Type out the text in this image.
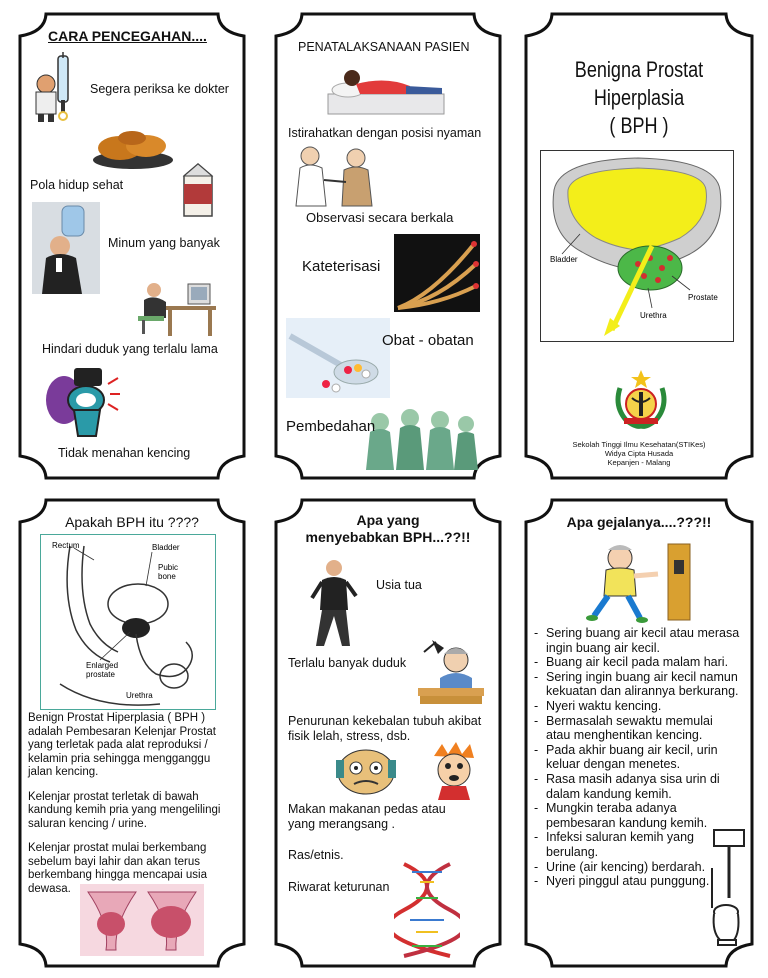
CARA PENCEGAHAN....
Segera periksa ke dokter
Pola hidup sehat
Minum yang banyak
Hindari duduk yang terlalu lama
Tidak menahan kencing
PENATALAKSANAAN PASIEN
Istirahatkan dengan posisi nyaman
Observasi secara berkala
Kateterisasi
Obat - obatan
Pembedahan
Benigna Prostat Hiperplasia
( BPH )
Bladder
Prostate
Urethra
Sekolah Tinggi Ilmu Kesehatan(STIKes)
Widya Cipta Husada
Kepanjen - Malang
Apakah BPH itu ????
Rectum	Bladder
Pubic
bone
Enlarged
prostate
Urethra

Benign Prostat Hiperplasia ( BPH ) adalah Pembesaran Kelenjar Prostat yang terletak pada alat reproduksi / kelamin pria sehingga mengganggu jalan kencing.

Kelenjar prostat terletak di bawah kandung kemih pria yang mengelilingi saluran kencing / urine.

Kelenjar prostat mulai berkembang sebelum bayi lahir dan akan terus berkembang hingga mencapai usia dewasa.

Apa yang
menyebabkan BPH...??!!
Usia tua
Terlalu banyak duduk
Penurunan kekebalan tubuh akibat fisik lelah, stress, dsb.
Makan makanan pedas atau yang merangsang .
Ras/etnis.
Riwarat keturunan
Apa gejalanya....???!!
- Sering buang air kecil atau merasa ingin buang air kecil.
- Buang air kecil pada malam hari.
- Sering ingin buang air kecil namun kekuatan dan alirannya berkurang.
- Nyeri waktu kencing.
- Bermasalah sewaktu memulai atau menghentikan kencing.
- Pada akhir buang air kecil, urin keluar dengan menetes.
- Rasa masih adanya sisa urin di dalam kandung kemih.
- Mungkin teraba adanya pembesaran kandung kemih.
- Infeksi saluran kemih yang berulang.
- Urine (air kencing) berdarah.
- Nyeri pinggul atau punggung.
